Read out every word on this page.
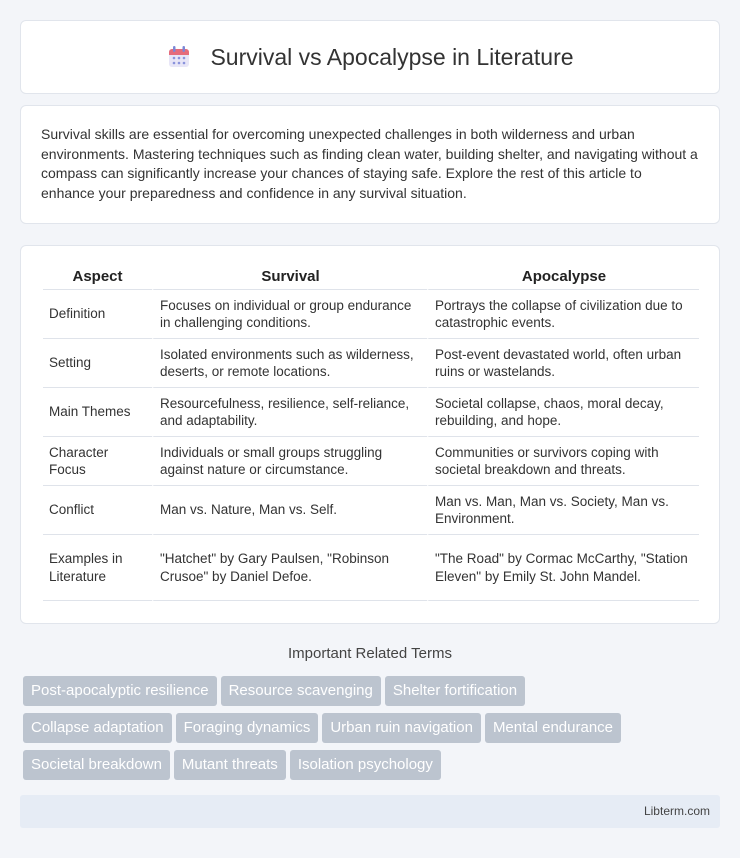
Survival vs Apocalypse in Literature

Survival skills are essential for overcoming unexpected challenges in both wilderness and urban environments. Mastering techniques such as finding clean water, building shelter, and navigating without a compass can significantly increase your chances of staying safe. Explore the rest of this article to enhance your preparedness and confidence in any survival situation.

Aspect	Survival	Apocalypse
Definition	Focuses on individual or group endurance in challenging conditions.	Portrays the collapse of civilization due to catastrophic events.
Setting	Isolated environments such as wilderness, deserts, or remote locations.	Post-event devastated world, often urban ruins or wastelands.
Main Themes	Resourcefulness, resilience, self-reliance, and adaptability.	Societal collapse, chaos, moral decay, rebuilding, and hope.
Character Focus	Individuals or small groups struggling against nature or circumstance.	Communities or survivors coping with societal breakdown and threats.
Conflict	Man vs. Nature, Man vs. Self.	Man vs. Man, Man vs. Society, Man vs. Environment.
Examples in Literature	"Hatchet" by Gary Paulsen, "Robinson Crusoe" by Daniel Defoe.	"The Road" by Cormac McCarthy, "Station Eleven" by Emily St. John Mandel.
Important Related Terms
Post-apocalyptic resilience Resource scavenging Shelter fortification
Collapse adaptation Foraging dynamics Urban ruin navigation Mental endurance
Societal breakdown Mutant threats Isolation psychology
Libterm.com
